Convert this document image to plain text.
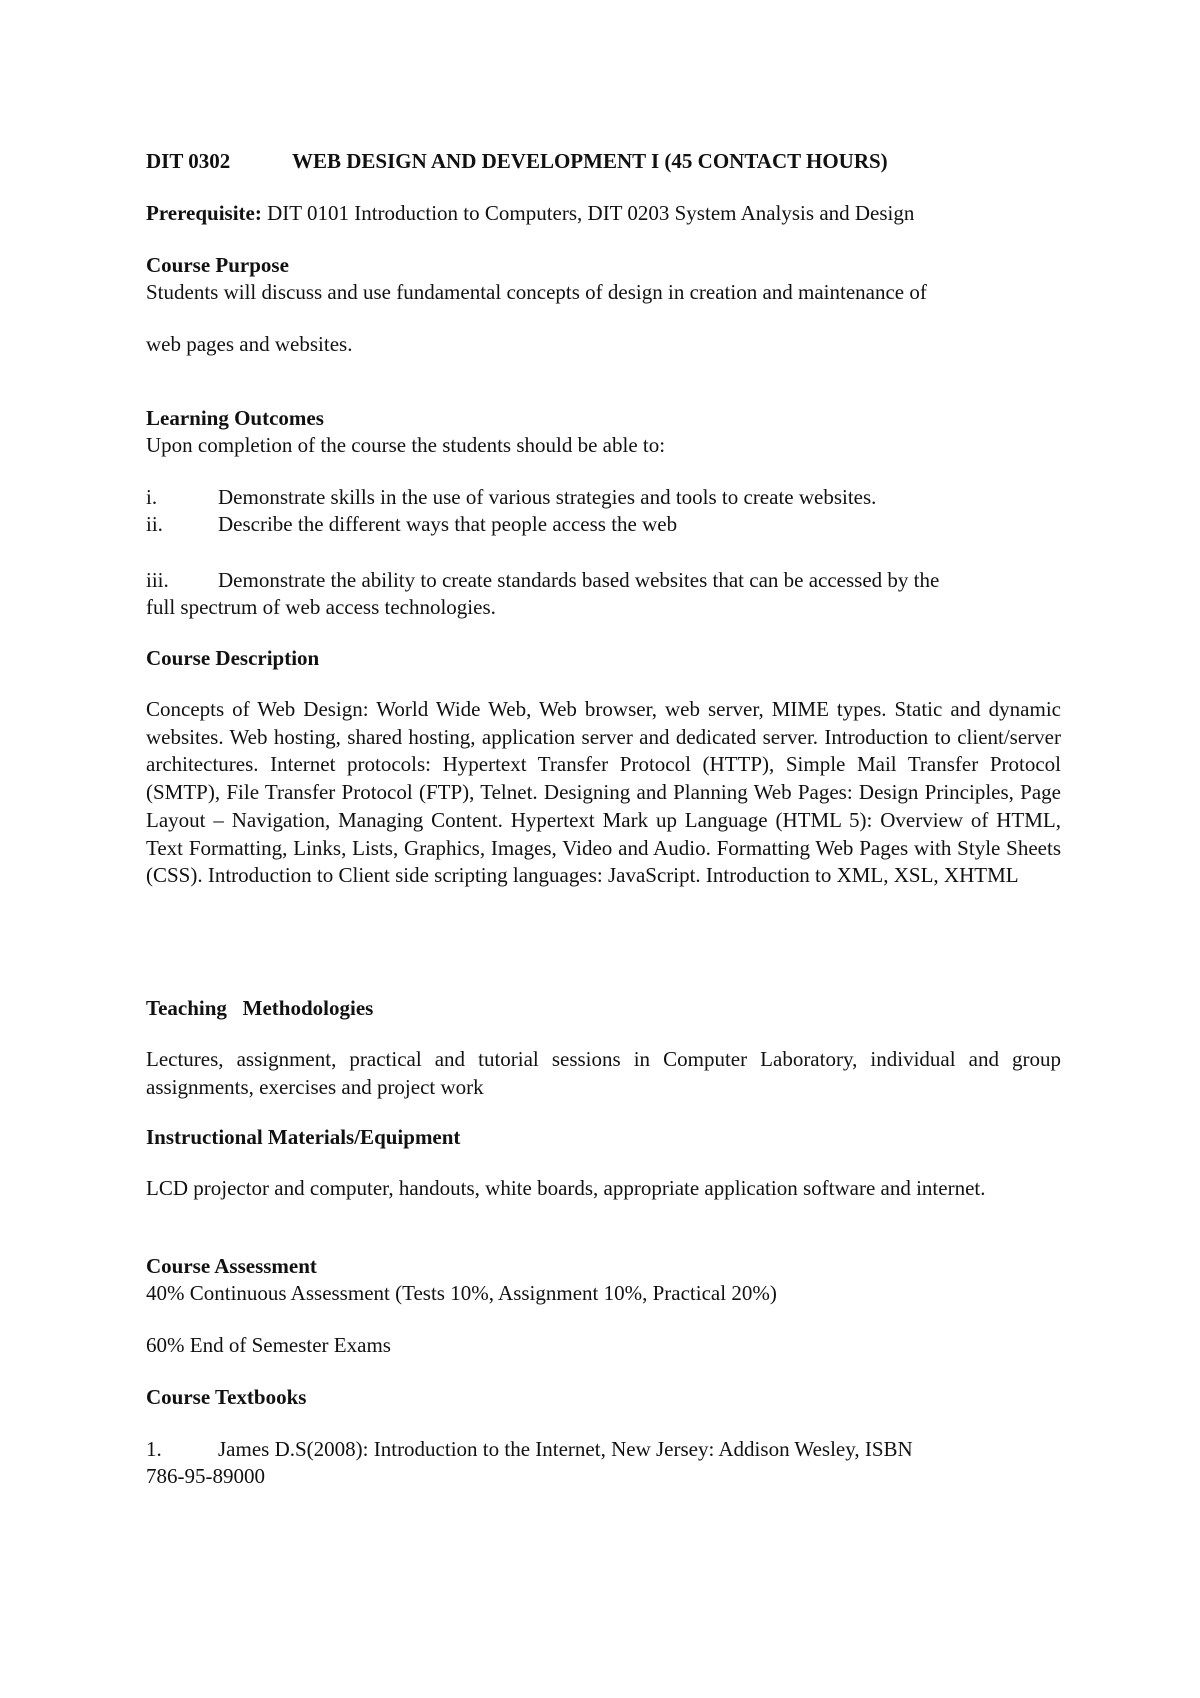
DIT 0302	WEB DESIGN AND DEVELOPMENT I (45 CONTACT HOURS)
Prerequisite: DIT 0101 Introduction to Computers, DIT 0203 System Analysis and Design
Course Purpose
Students will discuss and use fundamental concepts of design in creation and maintenance of
web pages and websites.
Learning Outcomes
Upon completion of the course the students should be able to:
i.	Demonstrate skills in the use of various strategies and tools to create websites.
ii.	Describe the different ways that people access the web
iii. Demonstrate the ability to create standards based websites that can be accessed by the
full spectrum of web access technologies.
Course Description
Concepts of Web Design: World Wide Web, Web browser, web server, MIME types. Static and dynamic websites. Web hosting, shared hosting, application server and dedicated server. Introduction to client/server architectures. Internet protocols: Hypertext Transfer Protocol (HTTP), Simple Mail Transfer Protocol (SMTP), File Transfer Protocol (FTP), Telnet. Designing and Planning Web Pages: Design Principles, Page Layout – Navigation, Managing Content. Hypertext Mark up Language (HTML 5): Overview of HTML, Text Formatting, Links, Lists, Graphics, Images, Video and Audio. Formatting Web Pages with Style Sheets (CSS). Introduction to Client side scripting languages: JavaScript. Introduction to XML, XSL, XHTML
Teaching   Methodologies
Lectures, assignment, practical and tutorial sessions in Computer Laboratory, individual and group assignments, exercises and project work
Instructional Materials/Equipment
LCD projector and computer, handouts, white boards, appropriate application software and internet.
Course Assessment
40% Continuous Assessment (Tests 10%, Assignment 10%, Practical 20%)
60% End of Semester Exams
Course Textbooks
1.	James D.S(2008): Introduction to the Internet, New Jersey: Addison Wesley, ISBN
786-95-89000
